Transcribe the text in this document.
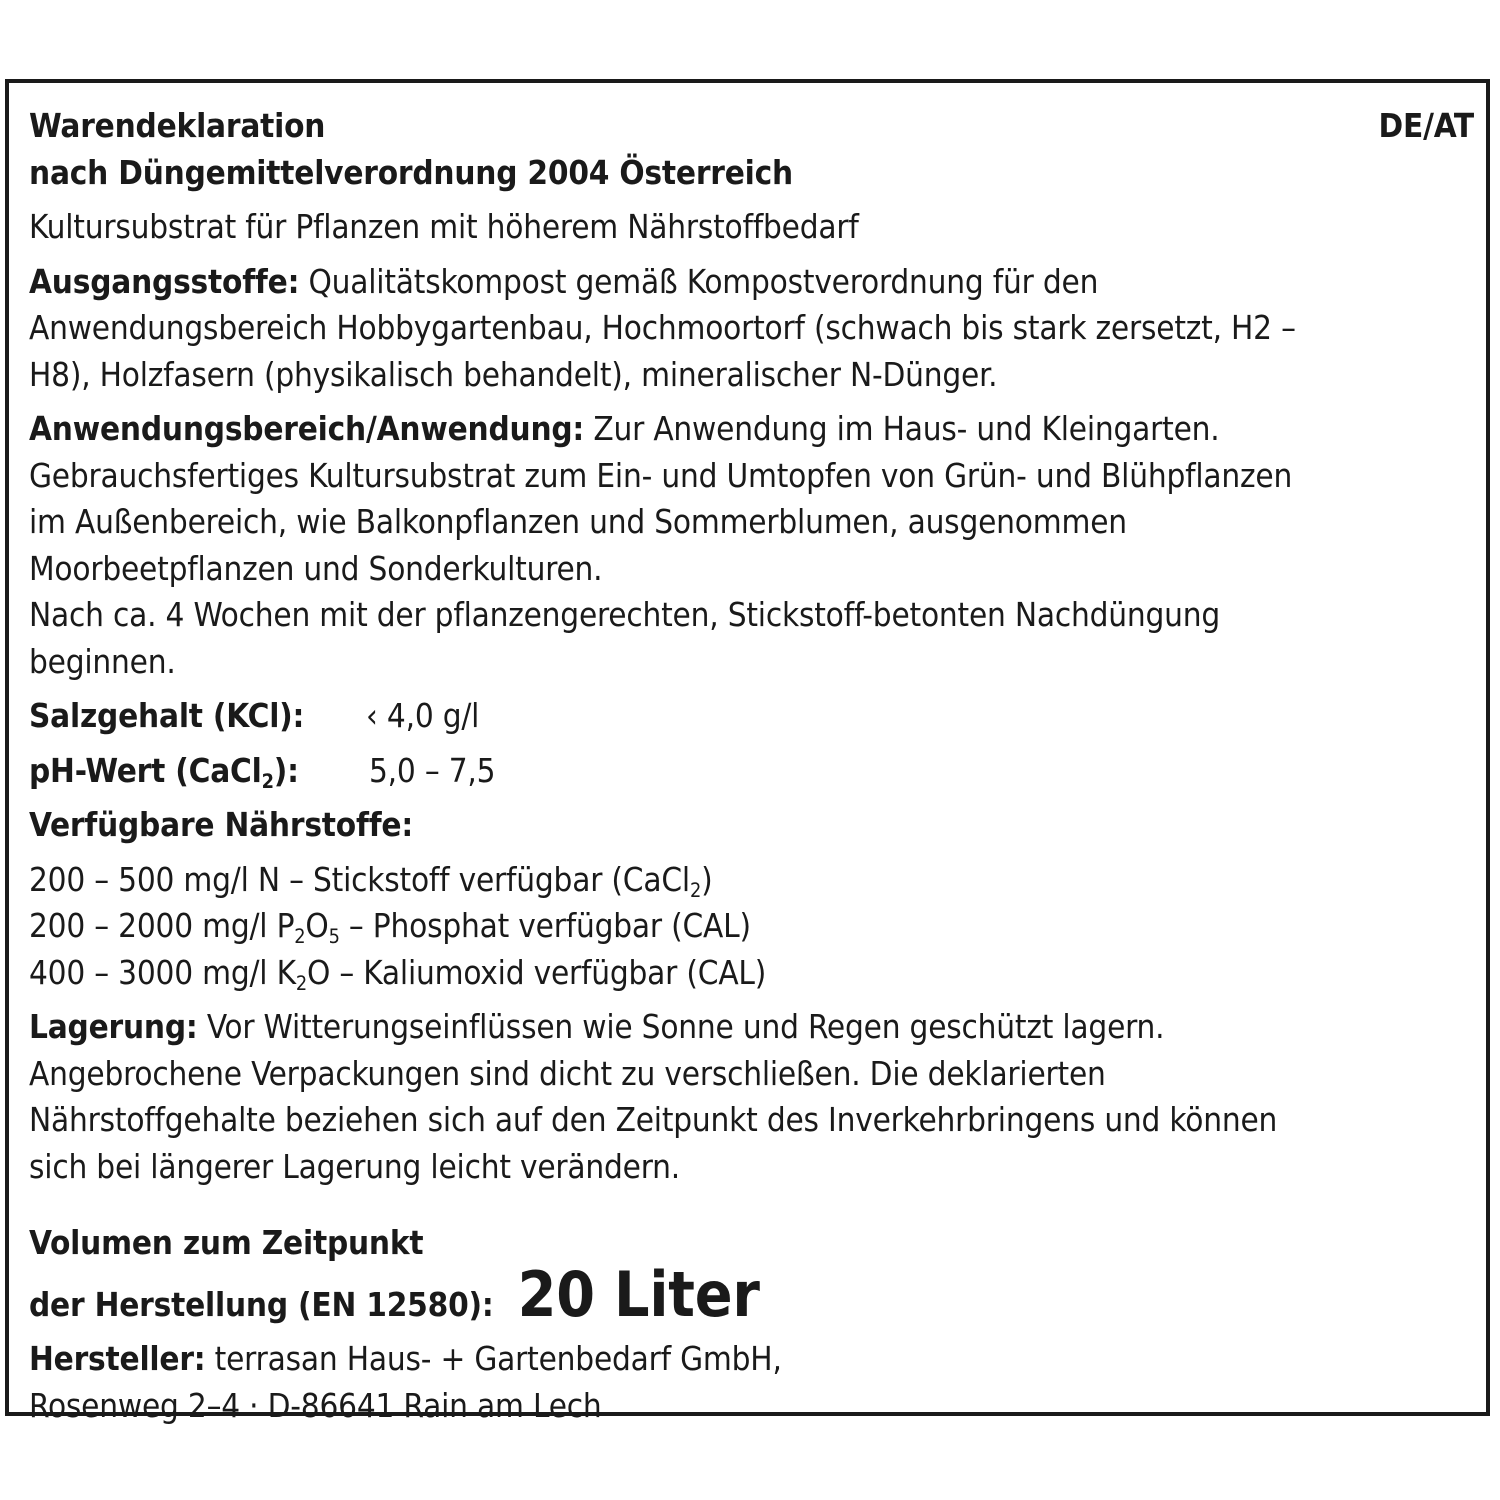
Warendeklaration

nach Düngemittelverordnung 2004 Österreich

DE/AT

Kultursubstrat für Pflanzen mit höherem Nährstoffbedarf

Ausgangsstoffe: Qualitätskompost gemäß Kompostverordnung für den

Anwendungsbereich Hobbygartenbau, Hochmoortorf (schwach bis stark zersetzt, H2 –

H8), Holzfasern (physikalisch behandelt), mineralischer N-Dünger.

Anwendungsbereich/Anwendung: Zur Anwendung im Haus- und Kleingarten.

Gebrauchsfertiges Kultursubstrat zum Ein- und Umtopfen von Grün- und Blühpflanzen

im Außenbereich, wie Balkonpflanzen und Sommerblumen, ausgenommen

Moorbeetpflanzen und Sonderkulturen.

Nach ca. 4 Wochen mit der pflanzengerechten, Stickstoff-betonten Nachdüngung

beginnen.

Salzgehalt (KCl):	‹ 4,0 g/l
pH-Wert (CaCl$_2$):	5,0 – 7,5

Verfügbare Nährstoffe:

200 – 500 mg/l N – Stickstoff verfügbar (CaCl$_2$)

200 – 2000 mg/l $P_2O_5$ – Phosphat verfügbar (CAL)

400 – 3000 mg/l $K_2O$ – Kaliumoxid verfügbar (CAL)

Lagerung: Vor Witterungseinflüssen wie Sonne und Regen geschützt lagern.

Angebrochene Verpackungen sind dicht zu verschließen. Die deklarierten

Nährstoffgehalte beziehen sich auf den Zeitpunkt des Inverkehrbringens und können

sich bei längerer Lagerung leicht verändern.

Volumen zum Zeitpunkt

der Herstellung (EN 12580): 20 Liter

Hersteller: terrasan Haus- + Gartenbedarf GmbH,

Rosenweg 2–4 · D-86641 Rain am Lech
